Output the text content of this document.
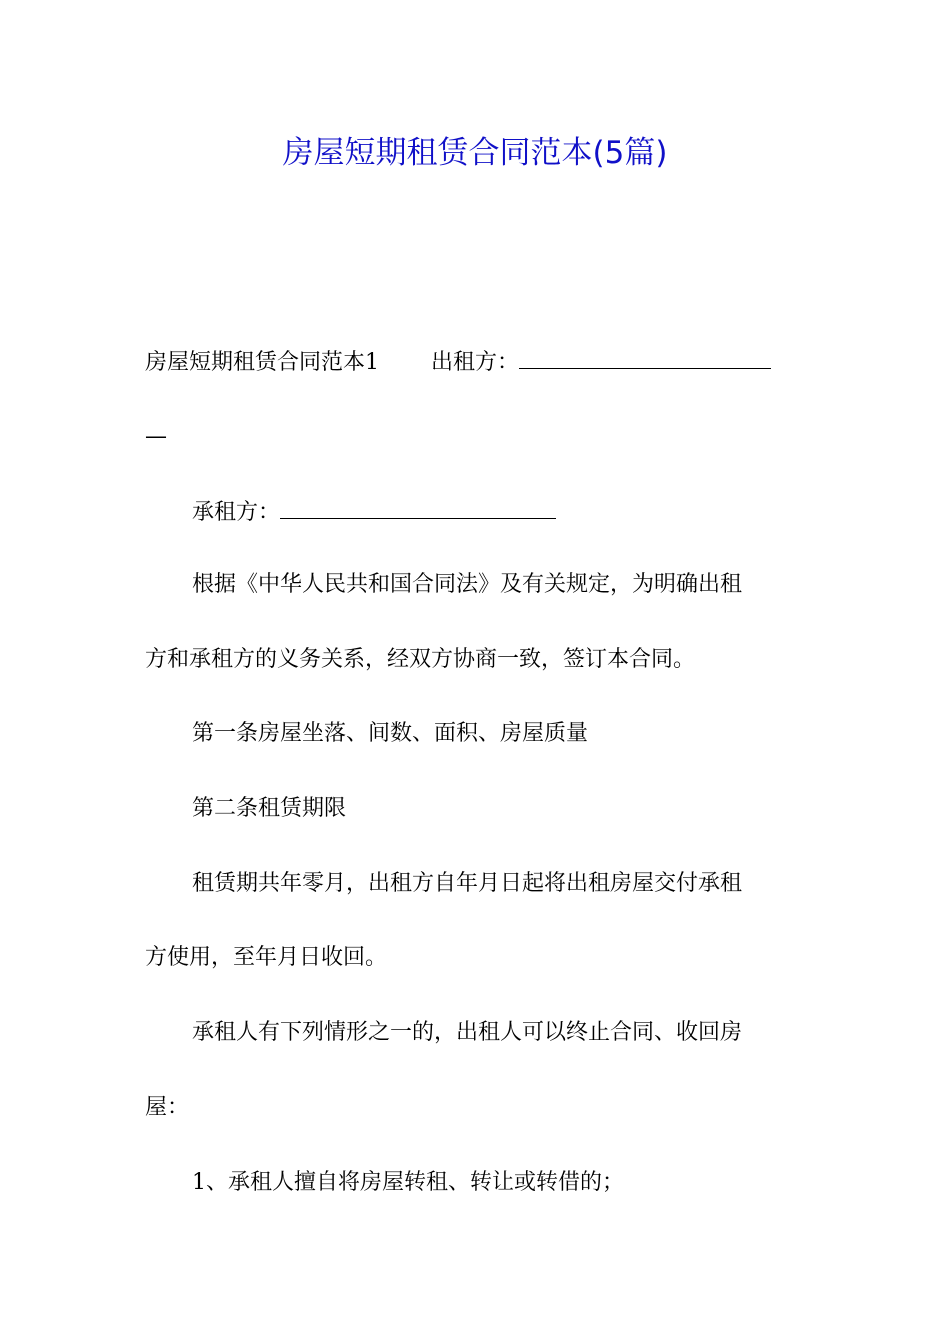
房屋短期租赁合同范本(5篇)
房屋短期租赁合同范本1 出租方：
—
承租方：
根据《中华人民共和国合同法》及有关规定，为明确出租
方和承租方的义务关系，经双方协商一致，签订本合同。
第一条房屋坐落、间数、面积、房屋质量
第二条租赁期限
租赁期共年零月，出租方自年月日起将出租房屋交付承租
方使用，至年月日收回。
承租人有下列情形之一的，出租人可以终止合同、收回房
屋：
1、承租人擅自将房屋转租、转让或转借的；
